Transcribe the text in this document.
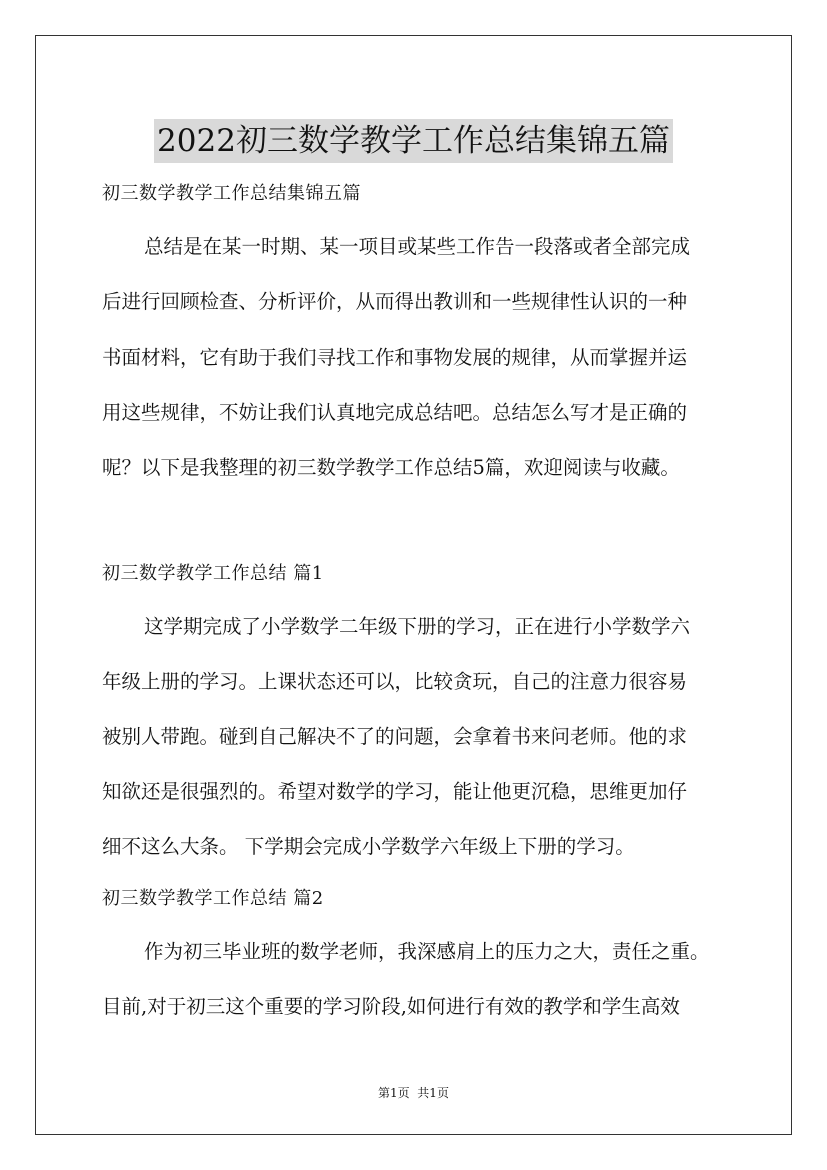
2022初三数学教学工作总结集锦五篇
初三数学教学工作总结集锦五篇
总结是在某一时期、某一项目或某些工作告一段落或者全部完成
后进行回顾检查、分析评价，从而得出教训和一些规律性认识的一种
书面材料，它有助于我们寻找工作和事物发展的规律，从而掌握并运
用这些规律，不妨让我们认真地完成总结吧。总结怎么写才是正确的
呢？以下是我整理的初三数学教学工作总结5篇，欢迎阅读与收藏。
初三数学教学工作总结 篇1
这学期完成了小学数学二年级下册的学习，正在进行小学数学六
年级上册的学习。上课状态还可以，比较贪玩，自己的注意力很容易
被别人带跑。碰到自己解决不了的问题，会拿着书来问老师。他的求
知欲还是很强烈的。希望对数学的学习，能让他更沉稳，思维更加仔
细不这么大条。 下学期会完成小学数学六年级上下册的学习。
初三数学教学工作总结 篇2
作为初三毕业班的数学老师，我深感肩上的压力之大，责任之重。
目前,对于初三这个重要的学习阶段,如何进行有效的教学和学生高效
第1页  共1页
